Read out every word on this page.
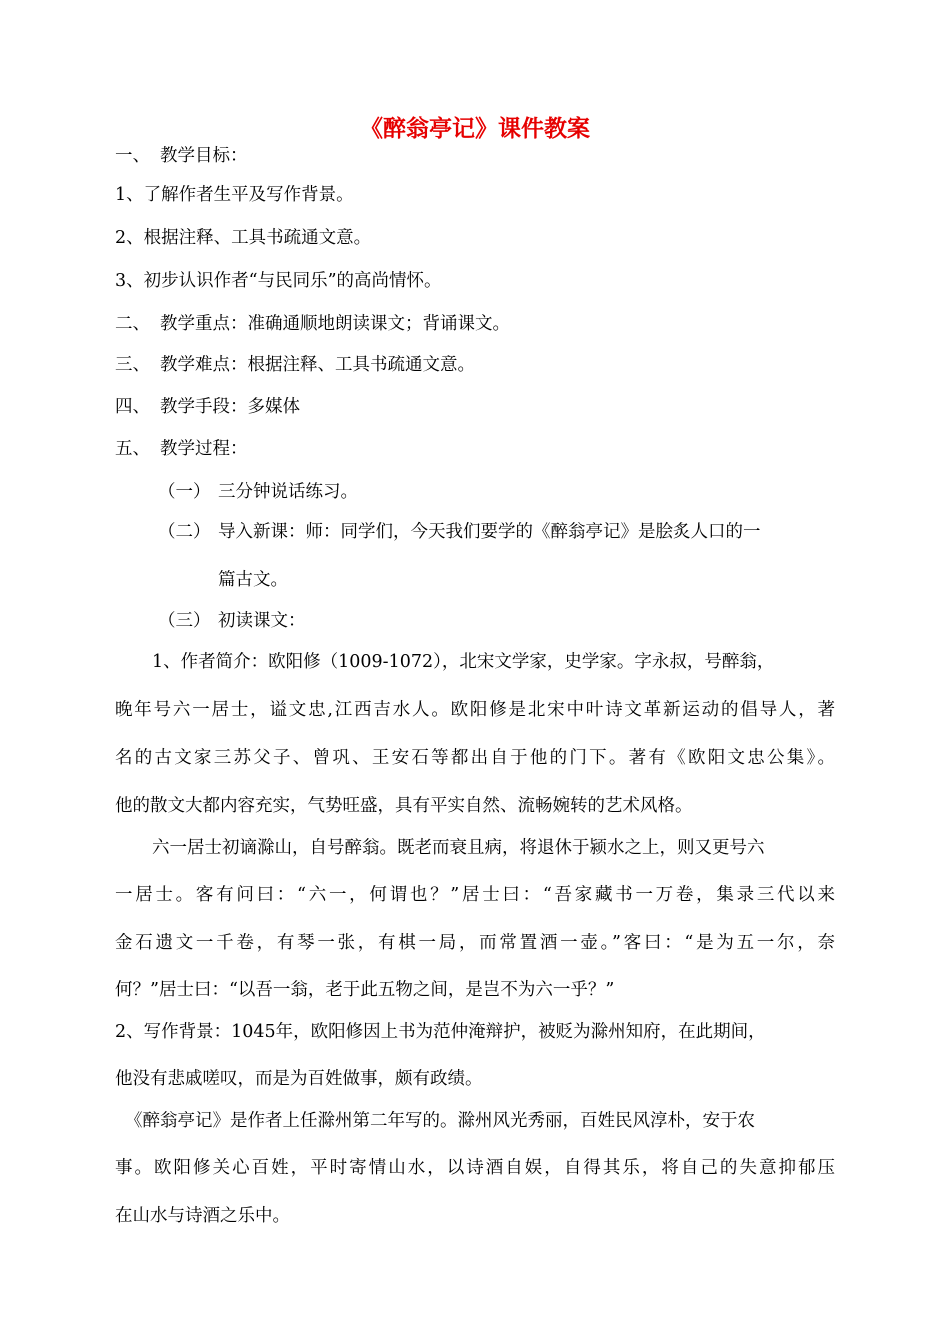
《醉翁亭记》课件教案

一、 教学目标：

1、了解作者生平及写作背景。

2、根据注释、工具书疏通文意。

3、初步认识作者“与民同乐”的高尚情怀。

二、 教学重点：准确通顺地朗读课文；背诵课文。

三、 教学难点：根据注释、工具书疏通文意。

四、 教学手段：多媒体

五、 教学过程：

（一） 三分钟说话练习。

（二） 导入新课：师：同学们，今天我们要学的《醉翁亭记》是脍炙人口的一

篇古文。

（三） 初读课文：

1、作者简介：欧阳修（1009-1072），北宋文学家，史学家。字永叔，号醉翁，

晚年号六一居士，谥文忠,江西吉水人。欧阳修是北宋中叶诗文革新运动的倡导人，著

名的古文家三苏父子、曾巩、王安石等都出自于他的门下。著有《欧阳文忠公集》。

他的散文大都内容充实，气势旺盛，具有平实自然、流畅婉转的艺术风格。

六一居士初谪滁山，自号醉翁。既老而衰且病，将退休于颍水之上，则又更号六

一居士。客有问曰：“六一，何谓也？”居士曰：“吾家藏书一万卷，集录三代以来

金石遗文一千卷，有琴一张，有棋一局，而常置酒一壶。”客曰：“是为五一尔，奈

何？”居士曰：“以吾一翁，老于此五物之间，是岂不为六一乎？”

2、写作背景：1045年，欧阳修因上书为范仲淹辩护，被贬为滁州知府，在此期间，

他没有悲戚嗟叹，而是为百姓做事，颇有政绩。

《醉翁亭记》是作者上任滁州第二年写的。滁州风光秀丽，百姓民风淳朴，安于农

事。欧阳修关心百姓，平时寄情山水，以诗酒自娱，自得其乐，将自己的失意抑郁压

在山水与诗酒之乐中。
